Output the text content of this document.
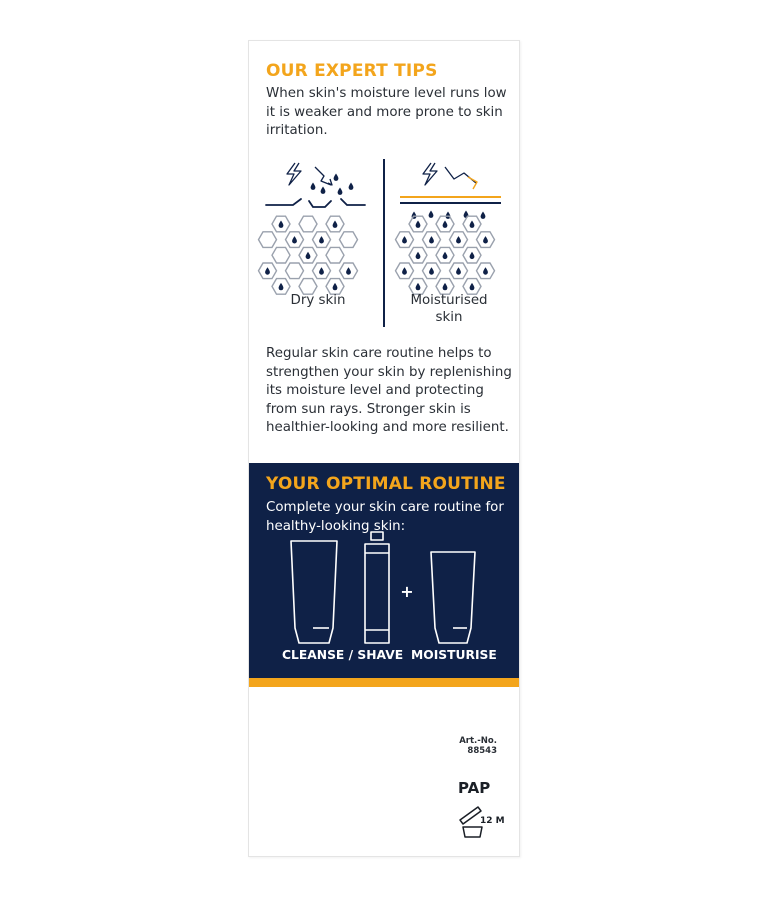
OUR EXPERT TIPS

When skin's moisture level runs low it is weaker and more prone to skin irritation.

Dry skin	Moisturised skin

Regular skin care routine helps to strengthen your skin by replenishing its moisture level and protecting from sun rays. Stronger skin is healthier-looking and more resilient.

YOUR OPTIMAL ROUTINE

Complete your skin care routine for healthy-looking skin:

+
CLEANSE / SHAVE MOISTURISE
Art.-No. 88543
PAP
12 M
